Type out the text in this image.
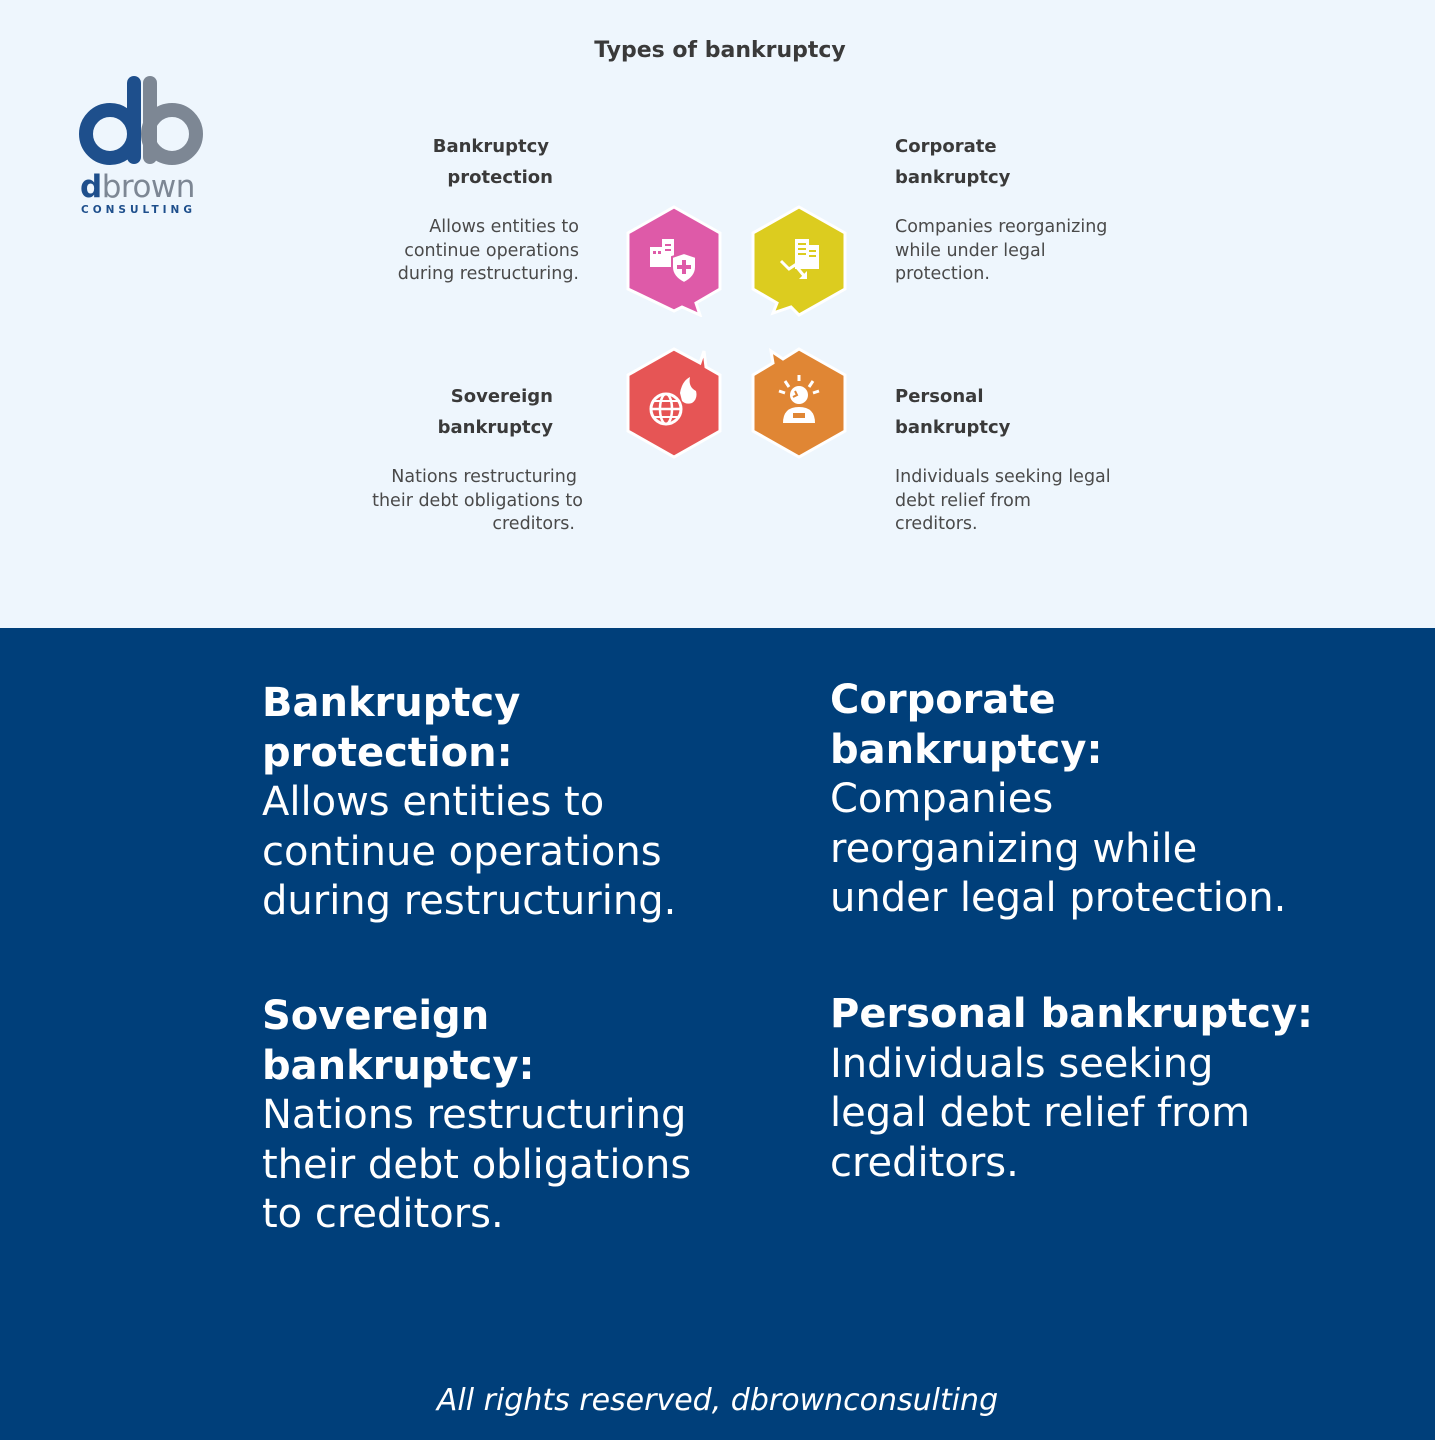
Types of bankruptcy
dbrown
CONSULTING
Bankruptcy
protection
Allows entities to
continue operations
during restructuring.
Corporate
bankruptcy
Companies reorganizing
while under legal
protection.
Sovereign
bankruptcy
Nations restructuring
their debt obligations to
creditors.
Personal
bankruptcy
Individuals seeking legal
debt relief from
creditors.
Bankruptcy protection:
Allows entities to
continue operations
during restructuring.
Corporate
bankruptcy:
Companies
reorganizing while
under legal protection.
Sovereign bankruptcy:
Nations restructuring
their debt obligations
to creditors.
Personal bankruptcy:
Individuals seeking
legal debt relief from
creditors.
All rights reserved, dbrownconsulting
